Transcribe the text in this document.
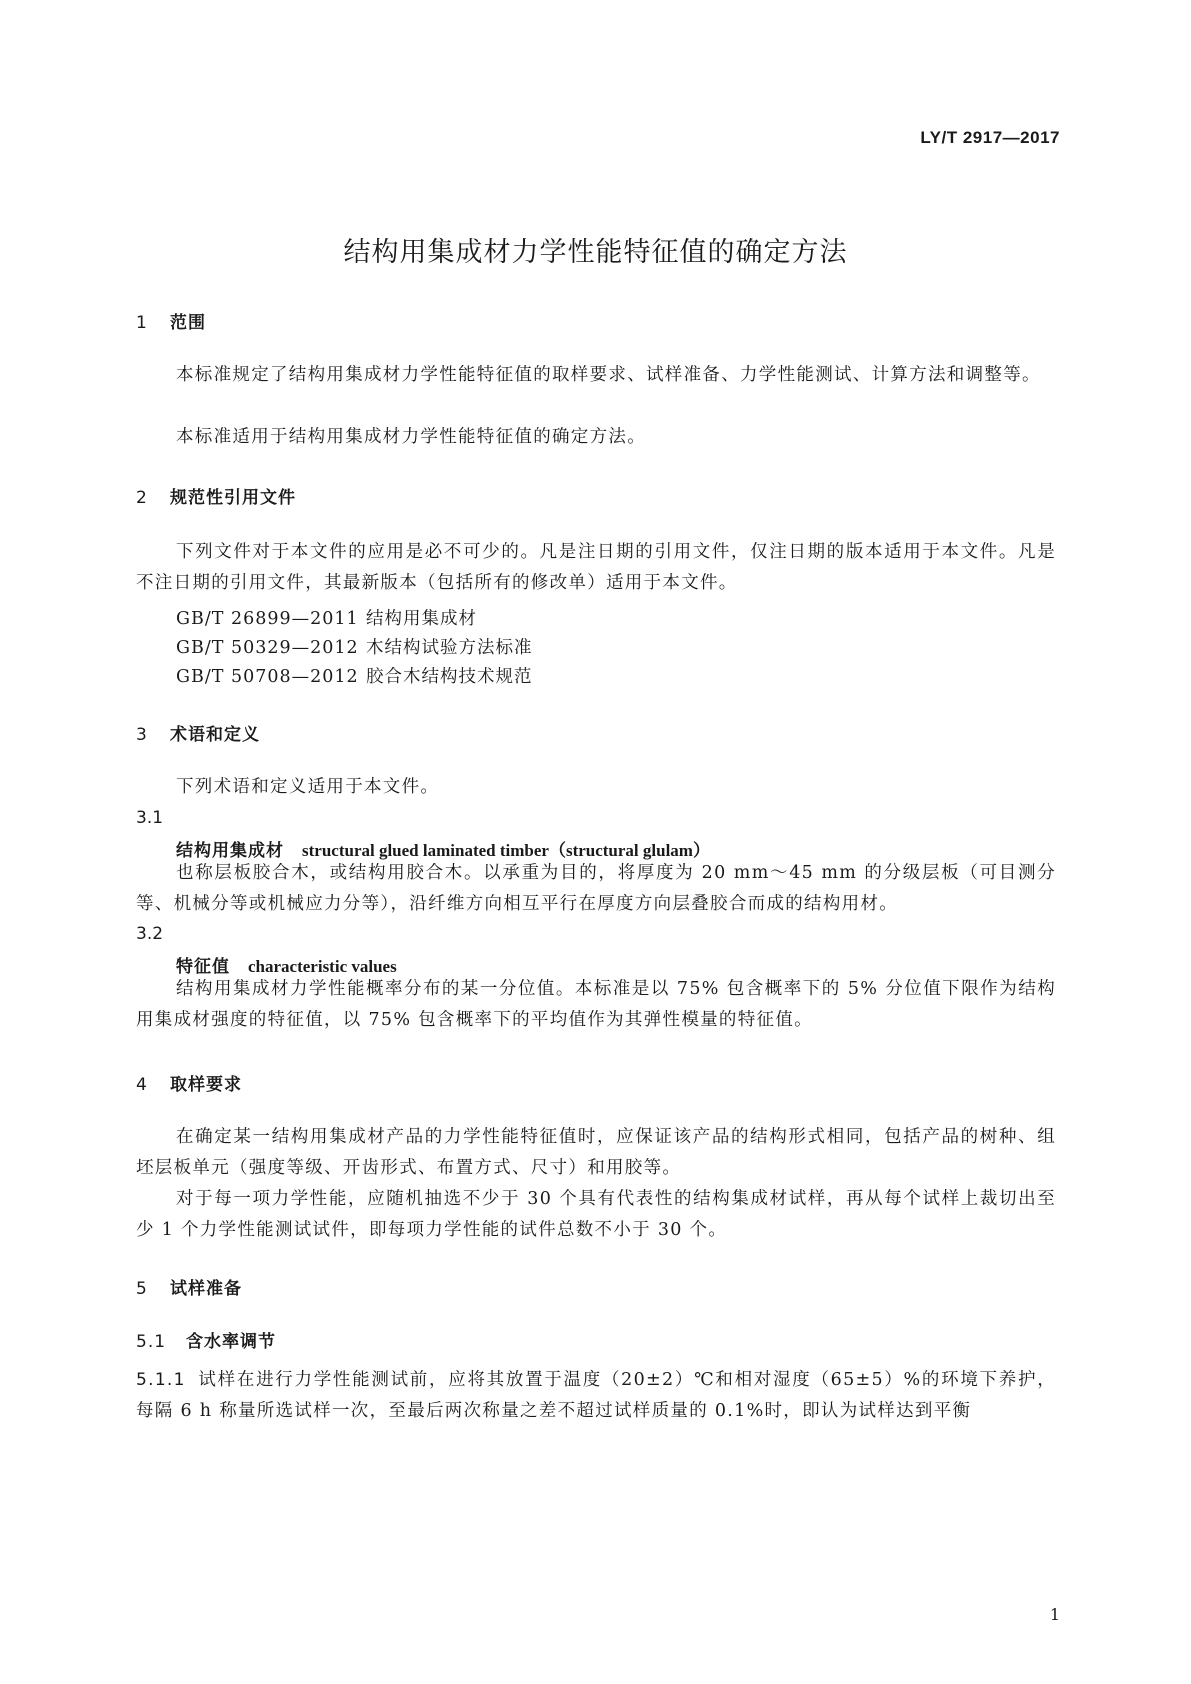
LY/T 2917—2017
结构用集成材力学性能特征值的确定方法
1 范围
本标准规定了结构用集成材力学性能特征值的取样要求、试样准备、力学性能测试、计算方法和调整等。
本标准适用于结构用集成材力学性能特征值的确定方法。
2 规范性引用文件
下列文件对于本文件的应用是必不可少的。凡是注日期的引用文件，仅注日期的版本适用于本文件。凡是不注日期的引用文件，其最新版本（包括所有的修改单）适用于本文件。
GB/T 26899—2011 结构用集成材
GB/T 50329—2012 木结构试验方法标准
GB/T 50708—2012 胶合木结构技术规范
3 术语和定义
下列术语和定义适用于本文件。
3.1
结构用集成材 structural glued laminated timber（structural glulam）
也称层板胶合木，或结构用胶合木。以承重为目的，将厚度为 20 mm～45 mm 的分级层板（可目测分等、机械分等或机械应力分等），沿纤维方向相互平行在厚度方向层叠胶合而成的结构用材。
3.2
特征值 characteristic values
结构用集成材力学性能概率分布的某一分位值。本标准是以 75% 包含概率下的 5% 分位值下限作为结构用集成材强度的特征值，以 75% 包含概率下的平均值作为其弹性模量的特征值。
4 取样要求
在确定某一结构用集成材产品的力学性能特征值时，应保证该产品的结构形式相同，包括产品的树种、组坯层板单元（强度等级、开齿形式、布置方式、尺寸）和用胶等。
对于每一项力学性能，应随机抽选不少于 30 个具有代表性的结构集成材试样，再从每个试样上裁切出至少 1 个力学性能测试试件，即每项力学性能的试件总数不小于 30 个。
5 试样准备
5.1 含水率调节
5.1.1 试样在进行力学性能测试前，应将其放置于温度（20±2）℃和相对湿度（65±5）%的环境下养护，每隔 6 h 称量所选试样一次，至最后两次称量之差不超过试样质量的 0.1%时，即认为试样达到平衡
1
